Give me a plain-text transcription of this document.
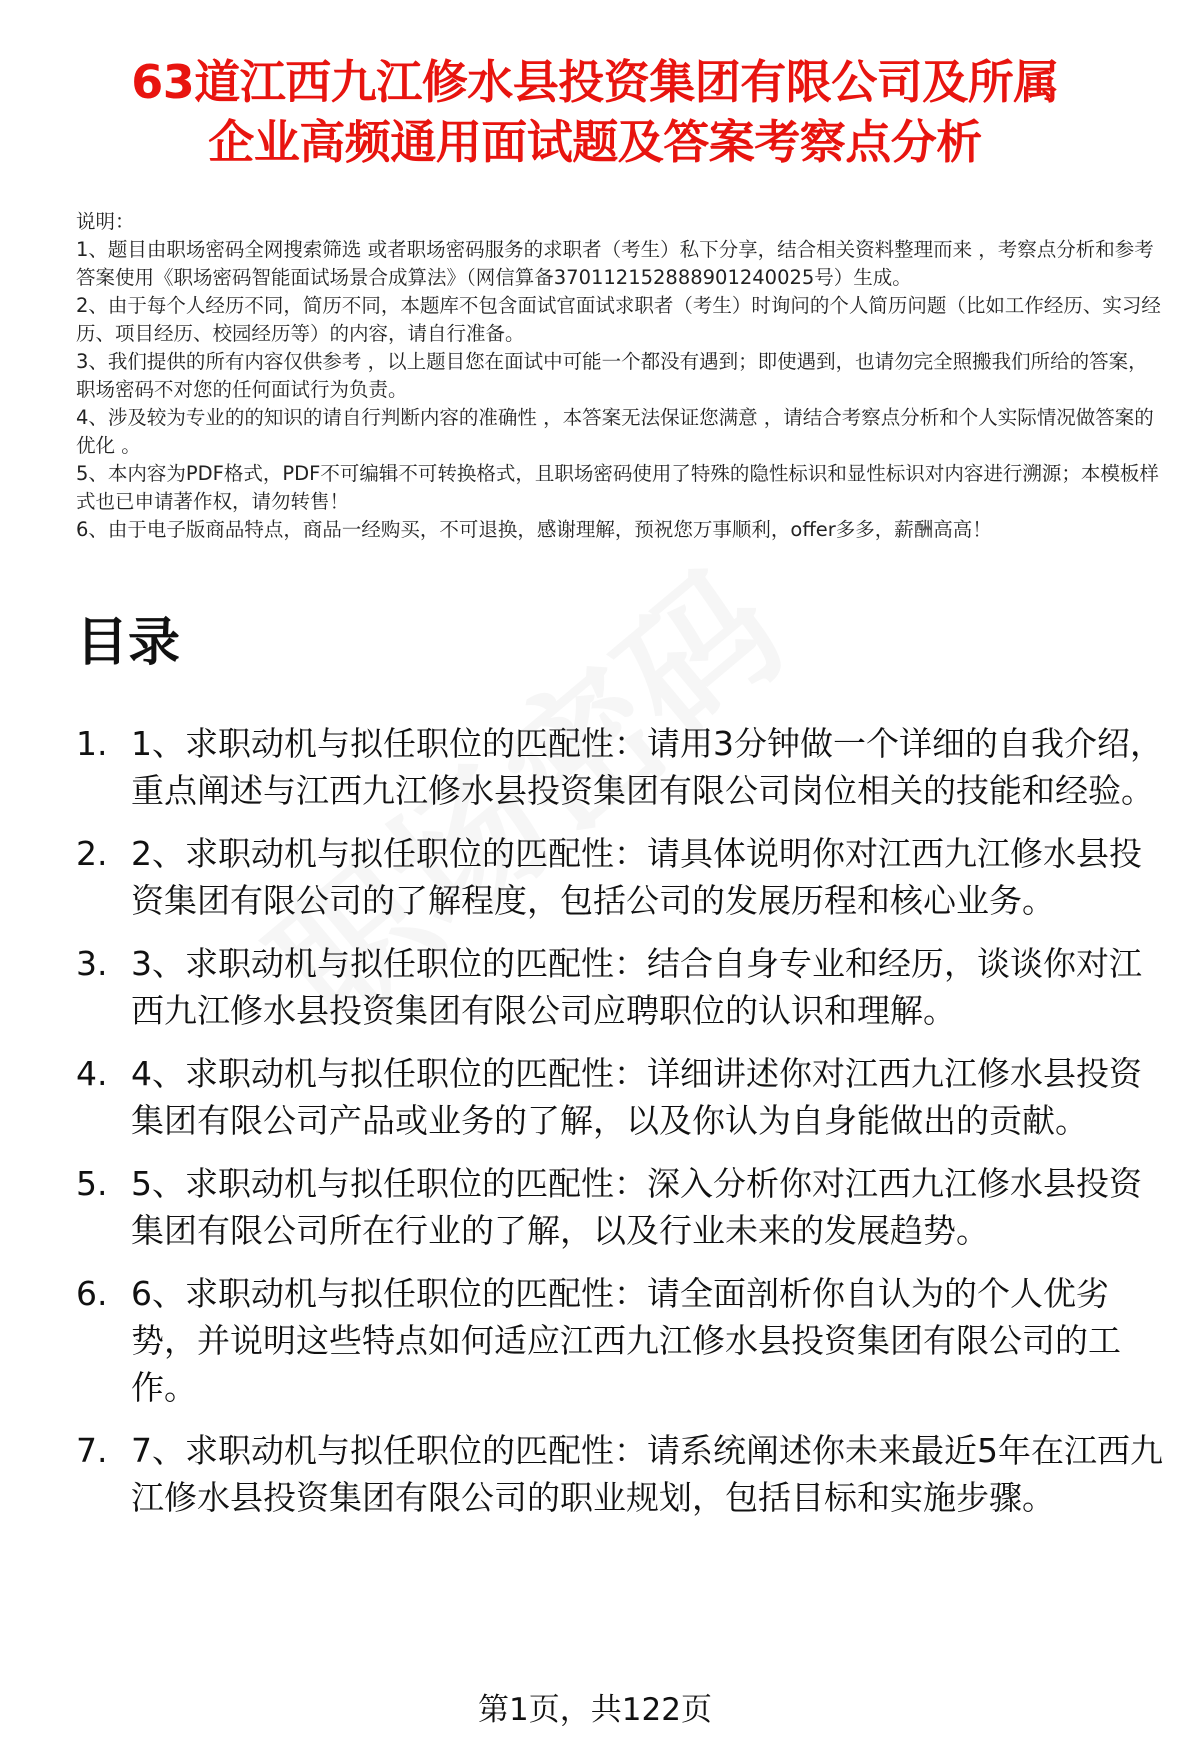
63道江西九江修水县投资集团有限公司及所属
企业高频通用面试题及答案考察点分析

说明：

1、题目由职场密码全网搜索筛选 或者职场密码服务的求职者（考生）私下分享，结合相关资料整理而来 ，考察点分析和参考答案使用《职场密码智能面试场景合成算法》（网信算备370112152888901240025号）生成。

2、由于每个人经历不同，简历不同，本题库不包含面试官面试求职者（考生）时询问的个人简历问题（比如工作经历、实习经历、项目经历、校园经历等）的内容，请自行准备。

3、我们提供的所有内容仅供参考 ，以上题目您在面试中可能一个都没有遇到；即使遇到，也请勿完全照搬我们所给的答案，职场密码不对您的任何面试行为负责。

4、涉及较为专业的的知识的请自行判断内容的准确性 ，本答案无法保证您满意 ，请结合考察点分析和个人实际情况做答案的优化 。

5、本内容为PDF格式，PDF不可编辑不可转换格式，且职场密码使用了特殊的隐性标识和显性标识对内容进行溯源；本模板样式也已申请著作权，请勿转售！

6、由于电子版商品特点，商品一经购买，不可退换，感谢理解，预祝您万事顺利，offer多多，薪酬高高！

目录
1. 1、求职动机与拟任职位的匹配性：请用3分钟做一个详细的自我介绍，重点阐述与江西九江修水县投资集团有限公司岗位相关的技能和经验。
2. 2、求职动机与拟任职位的匹配性：请具体说明你对江西九江修水县投资集团有限公司的了解程度，包括公司的发展历程和核心业务。
3. 3、求职动机与拟任职位的匹配性：结合自身专业和经历，谈谈你对江西九江修水县投资集团有限公司应聘职位的认识和理解。
4. 4、求职动机与拟任职位的匹配性：详细讲述你对江西九江修水县投资集团有限公司产品或业务的了解，以及你认为自身能做出的贡献。
5. 5、求职动机与拟任职位的匹配性：深入分析你对江西九江修水县投资集团有限公司所在行业的了解，以及行业未来的发展趋势。
6. 6、求职动机与拟任职位的匹配性：请全面剖析你自认为的个人优劣势，并说明这些特点如何适应江西九江修水县投资集团有限公司的工作。
7. 7、求职动机与拟任职位的匹配性：请系统阐述你未来最近5年在江西九江修水县投资集团有限公司的职业规划，包括目标和实施步骤。
第1页，共122页
